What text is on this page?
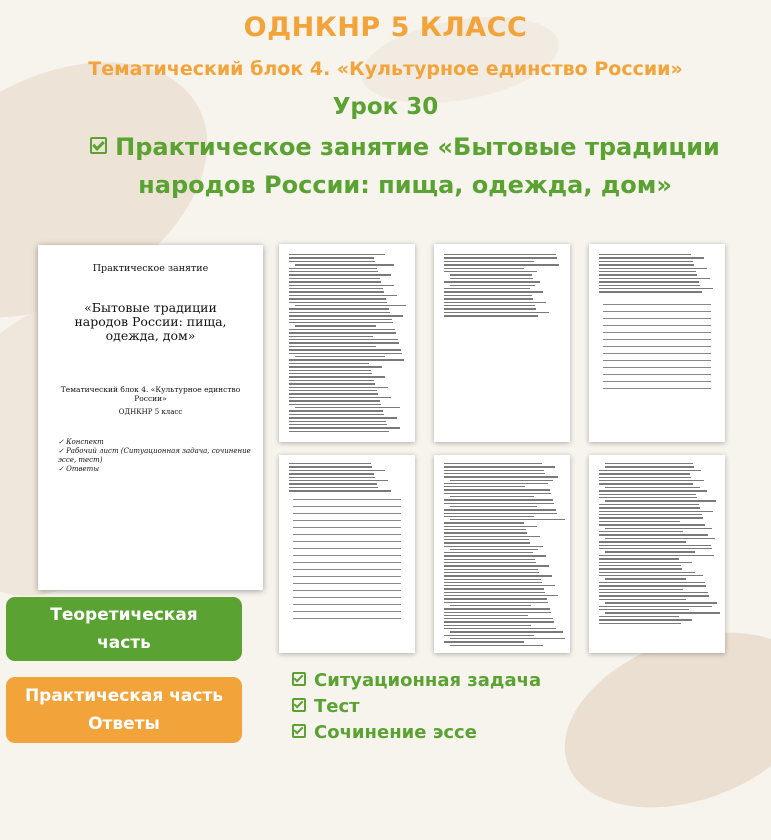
ОДНКНР 5 КЛАСС
Тематический блок 4. «Культурное единство России»
Урок 30
Практическое занятие «Бытовые традиции
народов России: пища, одежда, дом»
Практическое занятие
«Бытовые традиции народов России: пища, одежда, дом»
Тематический блок 4. «Культурное единство России»
ОДНКНР 5 класс
✓ Конспект
✓ Рабочий лист (Ситуационная задача, сочинение эссе, тест)
✓ Ответы
Теоретическая
часть
Практическая часть
Ответы
Ситуационная задача
Тест
Сочинение эссе
